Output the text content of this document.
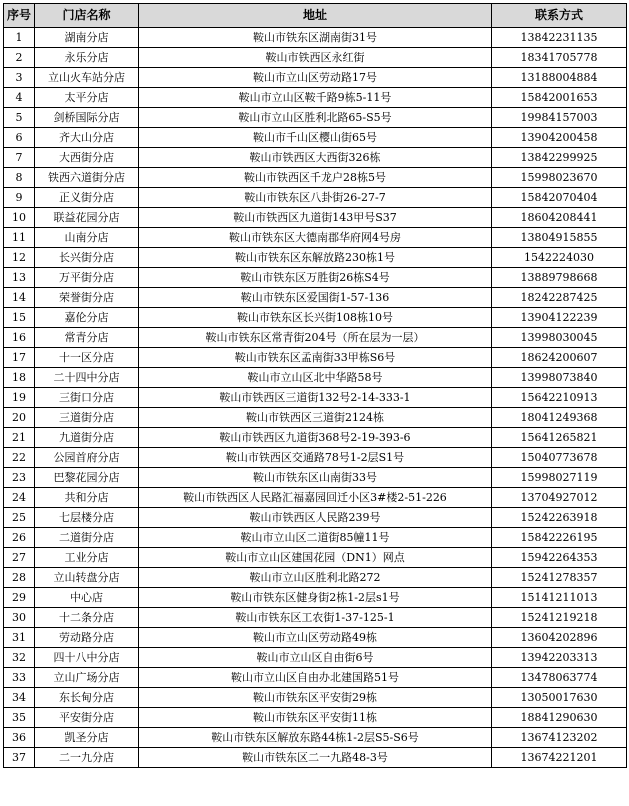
序号	门店名称	地址	联系方式
1	湖南分店	鞍山市铁东区湖南街31号	13842231135
2	永乐分店	鞍山市铁西区永红街	18341705778
3	立山火车站分店	鞍山市立山区劳动路17号	13188004884
4	太平分店	鞍山市立山区鞍千路9栋5-11号	15842001653
5	剑桥国际分店	鞍山市立山区胜利北路65-S5号	19984157003
6	齐大山分店	鞍山市千山区樱山街65号	13904200458
7	大西街分店	鞍山市铁西区大西街326栋	13842299925
8	铁西六道街分店	鞍山市铁西区千龙户28栋5号	15998023670
9	正义街分店	鞍山市铁东区八卦街26-27-7	15842070404
10	联益花园分店	鞍山市铁西区九道街143甲号S37	18604208441
11	山南分店	鞍山市铁东区大德南郡华府网4号房	13804915855
12	长兴街分店	鞍山市铁东区东解放路230栋1号	1542224030
13	万平街分店	鞍山市铁东区万胜街26栋S4号	13889798668
14	荣誉街分店	鞍山市铁东区爱国街1-57-136	18242287425
15	嘉伦分店	鞍山市铁东区长兴街108栋10号	13904122239
16	常青分店	鞍山市铁东区常青街204号（所在层为一层）	13998030045
17	十一区分店	鞍山市铁东区孟南街33甲栋S6号	18624200607
18	二十四中分店	鞍山市立山区北中华路58号	13998073840
19	三街口分店	鞍山市铁西区三道街132号2-14-333-1	15642210913
20	三道街分店	鞍山市铁西区三道街2124栋	18041249368
21	九道街分店	鞍山市铁西区九道街368号2-19-393-6	15641265821
22	公园首府分店	鞍山市铁西区交通路78号1-2层S1号	15040773678
23	巴黎花园分店	鞍山市铁东区山南街33号	15998027119
24	共和分店	鞍山市铁西区人民路汇福嘉园回迁小区3#楼2-51-226	13704927012
25	七层楼分店	鞍山市铁西区人民路239号	15242263918
26	二道街分店	鞍山市立山区二道街85幢11号	15842226195
27	工业分店	鞍山市立山区建国花园（DN1）网点	15942264353
28	立山转盘分店	鞍山市立山区胜利北路272	15241278357
29	中心店	鞍山市铁东区健身街2栋1-2层s1号	15141211013
30	十二条分店	鞍山市铁东区工农街1-37-125-1	15241219218
31	劳动路分店	鞍山市立山区劳动路49栋	13604202896
32	四十八中分店	鞍山市立山区自由街6号	13942203313
33	立山广场分店	鞍山市立山区自由办北建国路51号	13478063774
34	东长甸分店	鞍山市铁东区平安街29栋	13050017630
35	平安街分店	鞍山市铁东区平安街11栋	18841290630
36	凯圣分店	鞍山市铁东区解放东路44栋1-2层S5-S6号	13674123202
37	二一九分店	鞍山市铁东区二一九路48-3号	13674221201
